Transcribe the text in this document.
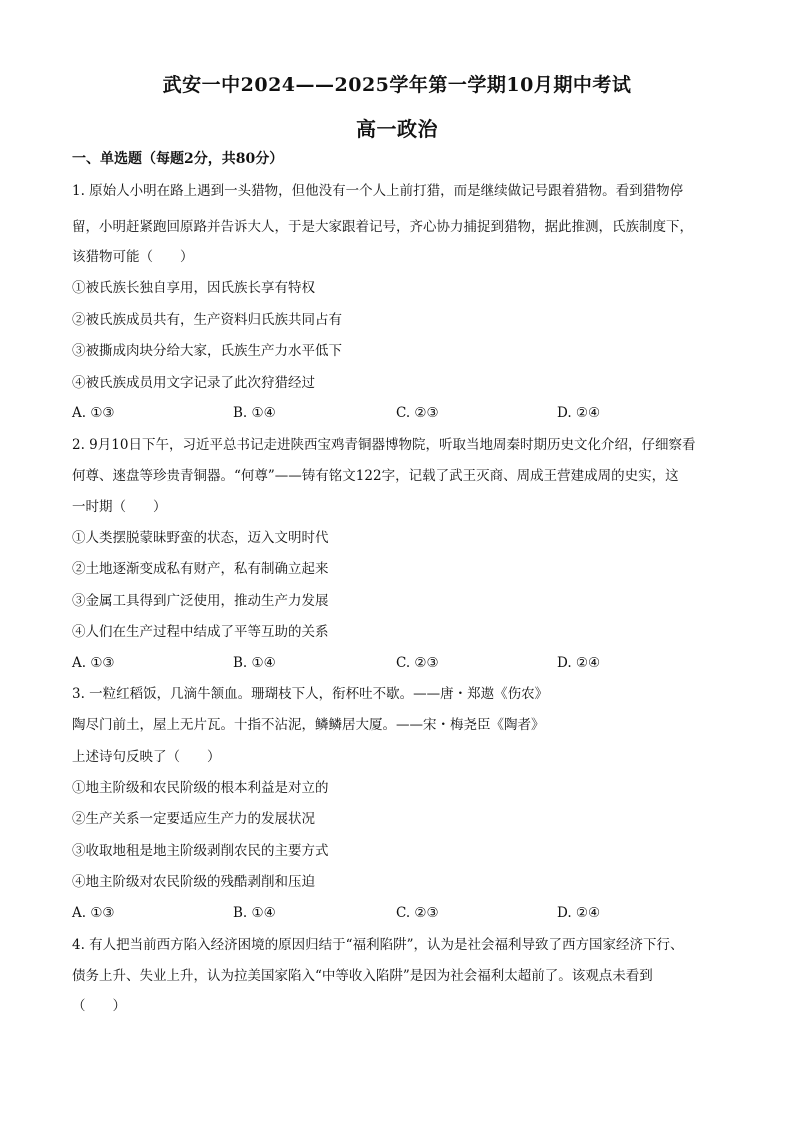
武安一中2024——2025学年第一学期10月期中考试
高一政治
一、单选题（每题2分，共80分）
1. 原始人小明在路上遇到一头猎物，但他没有一个人上前打猎，而是继续做记号跟着猎物。看到猎物停
留，小明赶紧跑回原路并告诉大人，于是大家跟着记号，齐心协力捕捉到猎物，据此推测，氏族制度下，
该猎物可能（　　）
①被氏族长独自享用，因氏族长享有特权
②被氏族成员共有，生产资料归氏族共同占有
③被撕成肉块分给大家，氏族生产力水平低下
④被氏族成员用文字记录了此次狩猎经过
A. ①③	B. ①④	C. ②③	D. ②④
2. 9月10日下午，习近平总书记走进陕西宝鸡青铜器博物院，听取当地周秦时期历史文化介绍，仔细察看
何尊、逨盘等珍贵青铜器。“何尊”——铸有铭文122字，记载了武王灭商、周成王营建成周的史实，这
一时期（　　）
①人类摆脱蒙昧野蛮的状态，迈入文明时代
②土地逐渐变成私有财产，私有制确立起来
③金属工具得到广泛使用，推动生产力发展
④人们在生产过程中结成了平等互助的关系
A. ①③	B. ①④	C. ②③	D. ②④
3. 一粒红稻饭，几滴牛颔血。珊瑚枝下人，衔杯吐不歇。——唐・郑遨《伤农》
陶尽门前土，屋上无片瓦。十指不沾泥，鳞鳞居大厦。——宋・梅尧臣《陶者》
上述诗句反映了（　　）
①地主阶级和农民阶级的根本利益是对立的
②生产关系一定要适应生产力的发展状况
③收取地租是地主阶级剥削农民的主要方式
④地主阶级对农民阶级的残酷剥削和压迫
A. ①③	B. ①④	C. ②③	D. ②④
4. 有人把当前西方陷入经济困境的原因归结于“福利陷阱”，认为是社会福利导致了西方国家经济下行、
债务上升、失业上升，认为拉美国家陷入“中等收入陷阱”是因为社会福利太超前了。该观点未看到
（　　）
